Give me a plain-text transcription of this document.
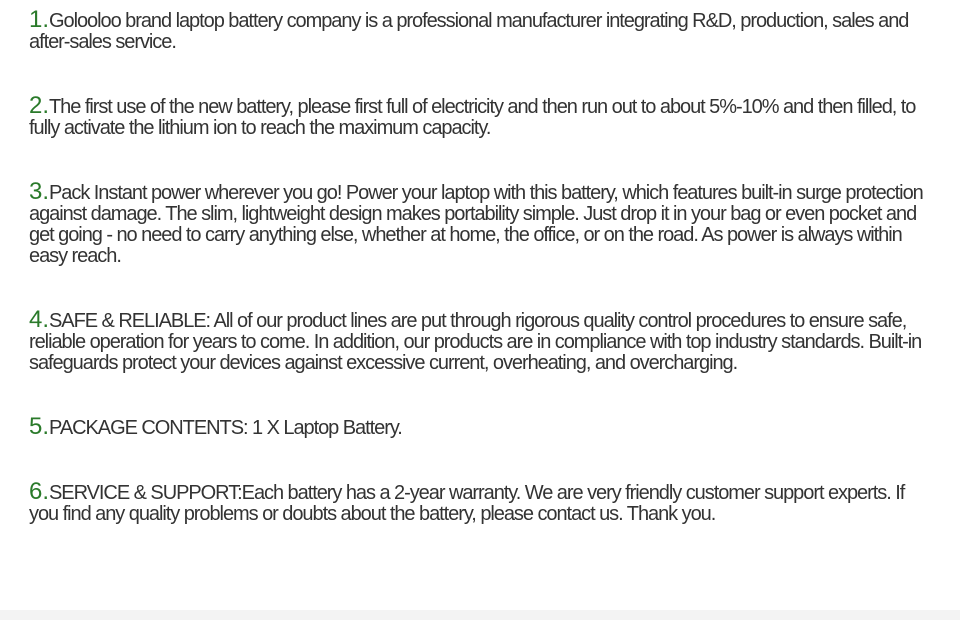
1.Golooloo brand laptop battery company is a professional manufacturer integrating R&D, production, sales and after-sales service.

2.The first use of the new battery, please first full of electricity and then run out to about 5%-10% and then filled, to fully activate the lithium ion to reach the maximum capacity.

3.Pack Instant power wherever you go! Power your laptop with this battery, which features built-in surge protection against damage. The slim, lightweight design makes portability simple. Just drop it in your bag or even pocket and get going - no need to carry anything else, whether at home, the office, or on the road. As power is always within easy reach.

4.SAFE & RELIABLE: All of our product lines are put through rigorous quality control procedures to ensure safe, reliable operation for years to come. In addition, our products are in compliance with top industry standards. Built-in safeguards protect your devices against excessive current, overheating, and overcharging.

5.PACKAGE CONTENTS: 1 X Laptop Battery.

6.SERVICE & SUPPORT:Each battery has a 2-year warranty. We are very friendly customer support experts. If you find any quality problems or doubts about the battery, please contact us. Thank you.
